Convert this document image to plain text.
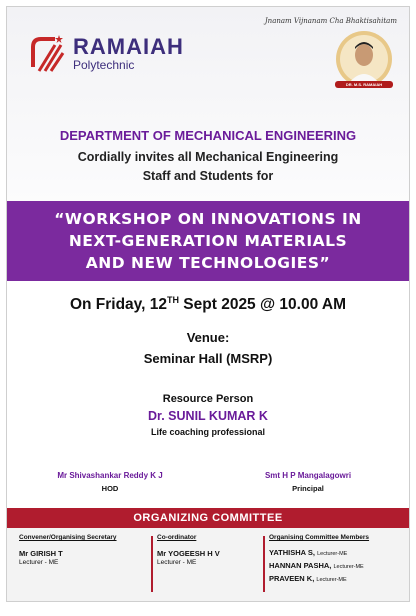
Jnanam Vijnanam Cha Bhaktisahitam
RAMAIAH
Polytechnic
DR. M.S. RAMAIAH
DEPARTMENT OF MECHANICAL ENGINEERING
Cordially invites all Mechanical Engineering
Staff and Students for
“WORKSHOP ON INNOVATIONS IN
NEXT-GENERATION MATERIALS
AND NEW TECHNOLOGIES”
On Friday, 12TH Sept 2025 @ 10.00 AM
Venue:
Seminar Hall (MSRP)
Resource Person
Dr. SUNIL KUMAR K
Life coaching professional
Mr Shivashankar Reddy K J
HOD
Smt H P Mangalagowri
Principal
ORGANIZING COMMITTEE
Convener/Organising Secretary
Mr GIRISH T
Lecturer - ME
Co-ordinator
Mr YOGEESH H V
Lecturer - ME
Organising Committee Members
YATHISHA S, Lecturer-ME
HANNAN PASHA, Lecturer-ME
PRAVEEN K, Lecturer-ME
